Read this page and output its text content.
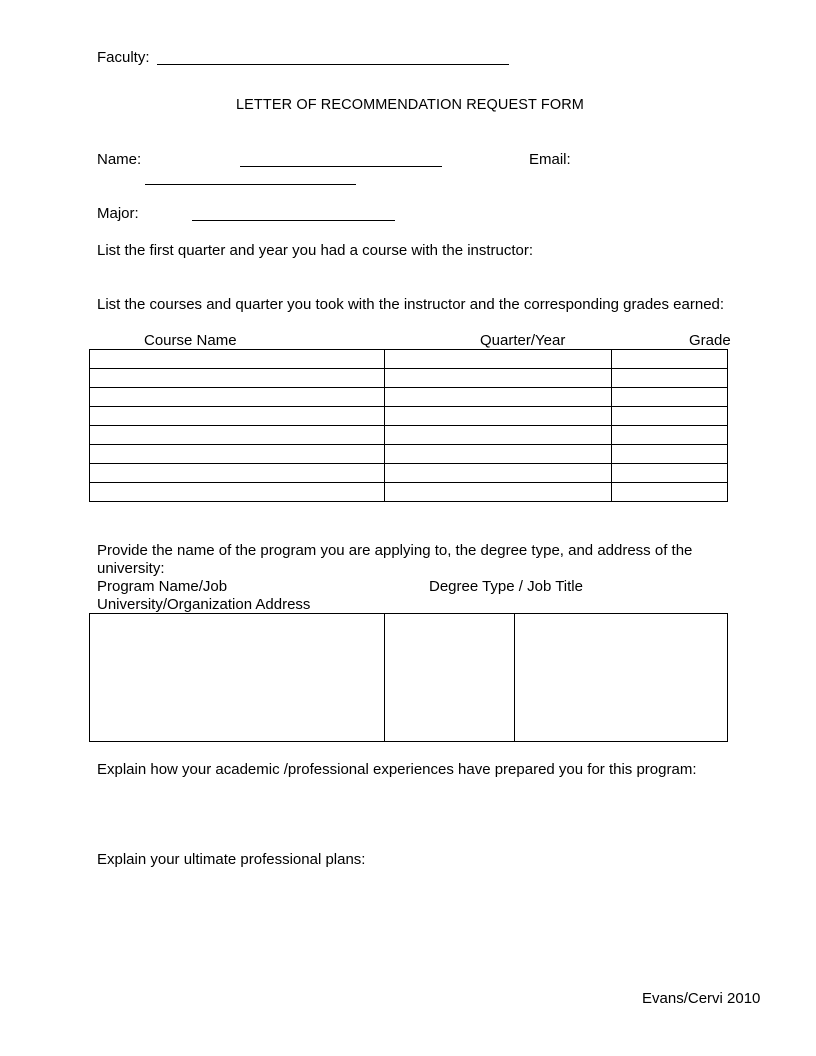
Faculty:
LETTER OF RECOMMENDATION REQUEST FORM
Name:	Email:
Major:
List the first quarter and year you had a course with the instructor:
List the courses and quarter you took with the instructor and the corresponding grades earned:
Course Name	Quarter/Year	Grade

Provide the name of the program you are applying to, the degree type, and address of the
university:
Program Name/Job	Degree Type / Job Title
University/Organization Address

Explain how your academic /professional experiences have prepared you for this program:
Explain your ultimate professional plans:
Evans/Cervi 2010
